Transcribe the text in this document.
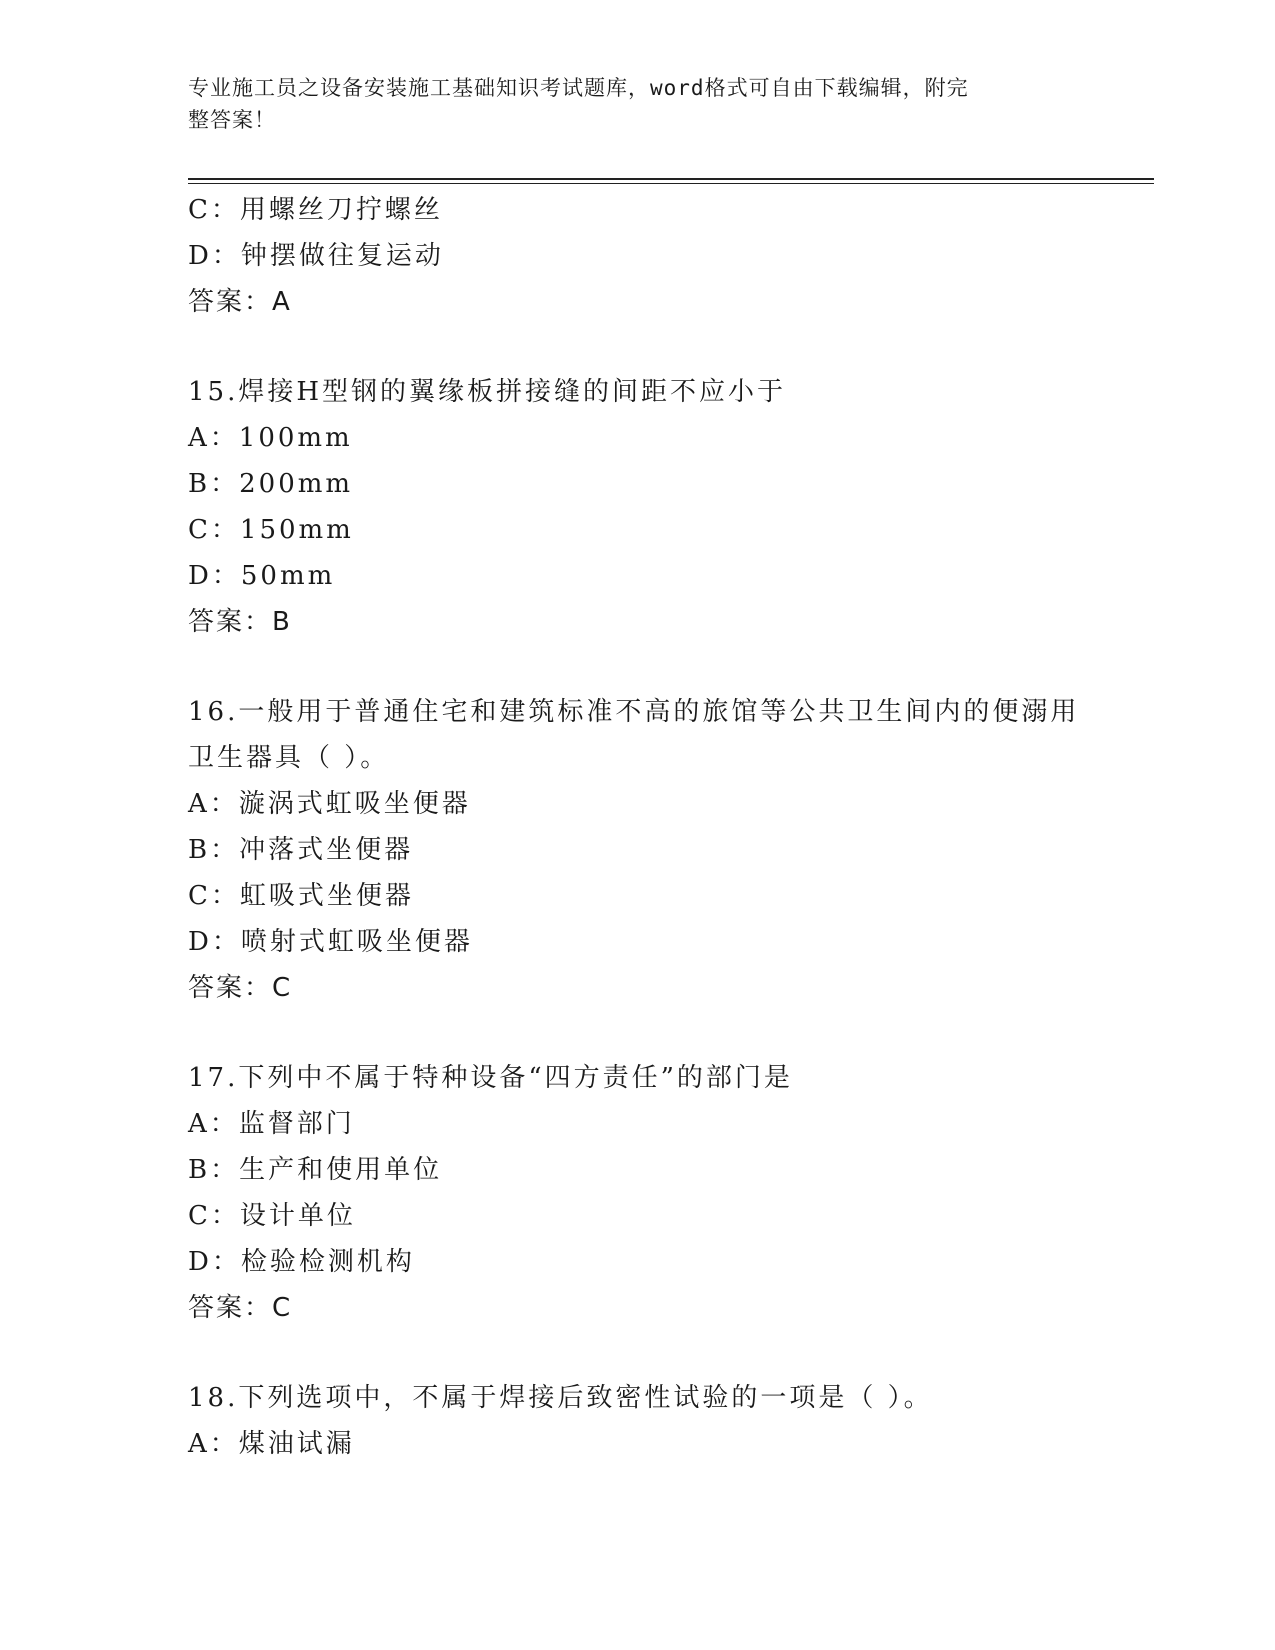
专业施工员之设备安装施工基础知识考试题库，word格式可自由下载编辑，附完
整答案！
C：用螺丝刀拧螺丝
D：钟摆做往复运动
答案：A
15.焊接H型钢的翼缘板拼接缝的间距不应小于
A：100mm
B：200mm
C：150mm
D：50mm
答案：B
16.一般用于普通住宅和建筑标准不高的旅馆等公共卫生间内的便溺用
卫生器具（ ）。
A：漩涡式虹吸坐便器
B：冲落式坐便器
C：虹吸式坐便器
D：喷射式虹吸坐便器
答案：C
17.下列中不属于特种设备“四方责任”的部门是
A：监督部门
B：生产和使用单位
C：设计单位
D：检验检测机构
答案：C
18.下列选项中，不属于焊接后致密性试验的一项是（ ）。
A：煤油试漏
